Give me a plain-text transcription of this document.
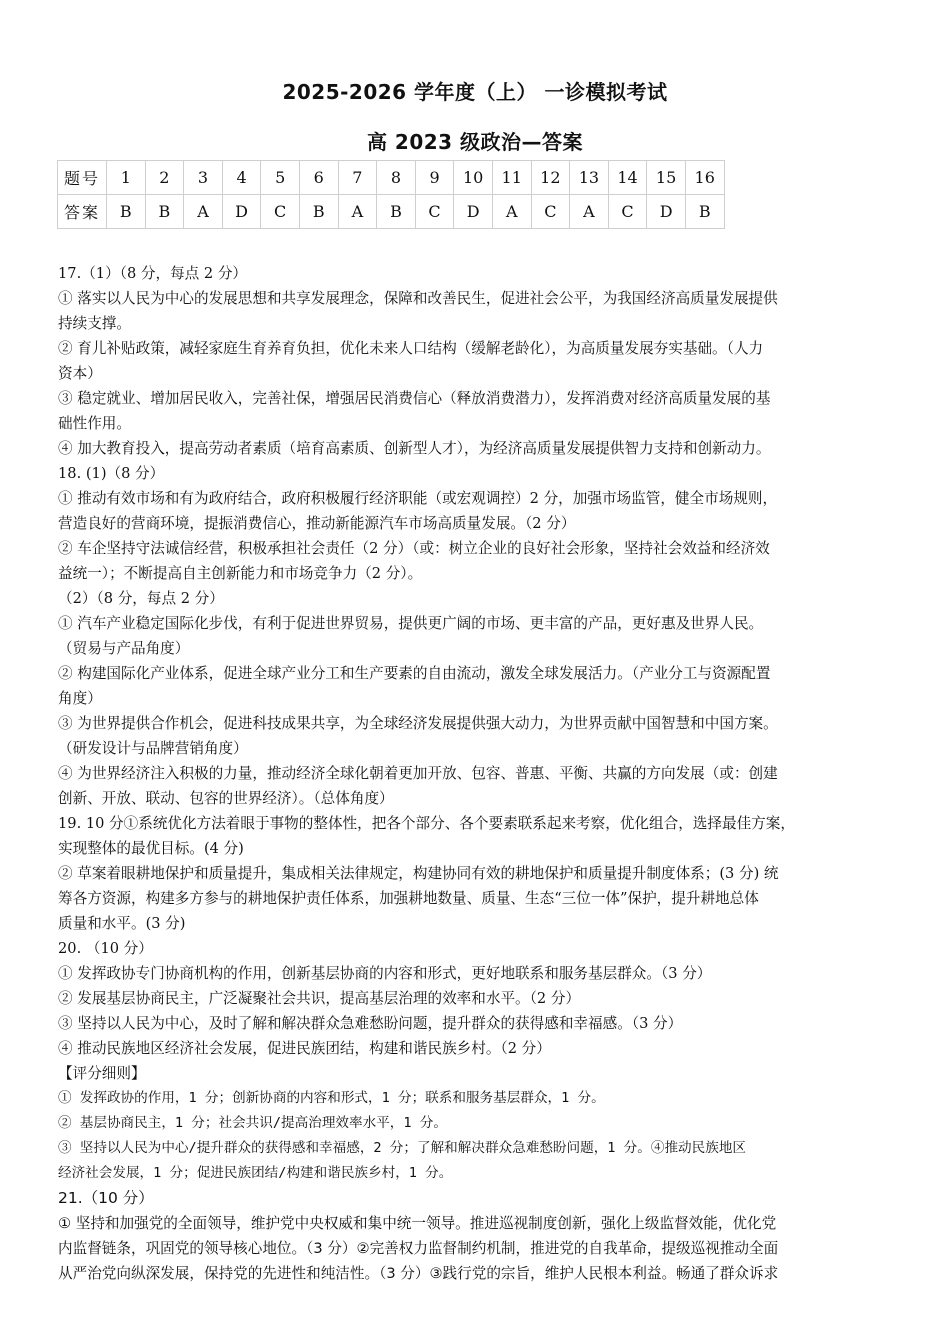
2025-2026 学年度（上） 一诊模拟考试
高 2023 级政治—答案
题号	1	2	3	4	5	6	7	8	9	10	11	12	13	14	15	16
答案	B	B	A	D	C	B	A	B	C	D	A	C	A	C	D	B
17.（1）（8 分，每点 2 分）
① 落实以人民为中心的发展思想和共享发展理念，保障和改善民生，促进社会公平，为我国经济高质量发展提供
持续支撑。
② 育儿补贴政策，减轻家庭生育养育负担，优化未来人口结构（缓解老龄化），为高质量发展夯实基础。（人力
资本）
③ 稳定就业、增加居民收入，完善社保，增强居民消费信心（释放消费潜力），发挥消费对经济高质量发展的基
础性作用。
④ 加大教育投入，提高劳动者素质（培育高素质、创新型人才），为经济高质量发展提供智力支持和创新动力。
18. (1)（8 分）
① 推动有效市场和有为政府结合，政府积极履行经济职能（或宏观调控）2 分，加强市场监管，健全市场规则，
营造良好的营商环境，提振消费信心，推动新能源汽车市场高质量发展。（2 分）
② 车企坚持守法诚信经营，积极承担社会责任（2 分）（或：树立企业的良好社会形象，坚持社会效益和经济效
益统一）；不断提高自主创新能力和市场竞争力（2 分）。
（2）（8 分，每点 2 分）
① 汽车产业稳定国际化步伐，有利于促进世界贸易，提供更广阔的市场、更丰富的产品，更好惠及世界人民。
（贸易与产品角度）
② 构建国际化产业体系，促进全球产业分工和生产要素的自由流动，激发全球发展活力。（产业分工与资源配置
角度）
③ 为世界提供合作机会，促进科技成果共享，为全球经济发展提供强大动力，为世界贡献中国智慧和中国方案。
（研发设计与品牌营销角度）
④ 为世界经济注入积极的力量，推动经济全球化朝着更加开放、包容、普惠、平衡、共赢的方向发展（或：创建
创新、开放、联动、包容的世界经济）。（总体角度）
19. 10 分①系统优化方法着眼于事物的整体性，把各个部分、各个要素联系起来考察，优化组合，选择最佳方案，
实现整体的最优目标。(4 分)
② 草案着眼耕地保护和质量提升，集成相关法律规定，构建协同有效的耕地保护和质量提升制度体系；(3 分) 统
筹各方资源，构建多方参与的耕地保护责任体系，加强耕地数量、质量、生态“三位一体”保护，提升耕地总体
质量和水平。(3 分)
20. （10 分）
① 发挥政协专门协商机构的作用，创新基层协商的内容和形式，更好地联系和服务基层群众。（3 分）
② 发展基层协商民主，广泛凝聚社会共识，提高基层治理的效率和水平。（2 分）
③ 坚持以人民为中心，及时了解和解决群众急难愁盼问题，提升群众的获得感和幸福感。（3 分）
④ 推动民族地区经济社会发展，促进民族团结，构建和谐民族乡村。（2 分）
【评分细则】
① 发挥政协的作用，1 分；创新协商的内容和形式，1 分；联系和服务基层群众，1 分。
② 基层协商民主，1 分；社会共识/提高治理效率水平，1 分。
③ 坚持以人民为中心/提升群众的获得感和幸福感，2 分；了解和解决群众急难愁盼问题，1 分。④推动民族地区
经济社会发展，1 分；促进民族团结/构建和谐民族乡村，1 分。
21.（10 分）
① 坚持和加强党的全面领导，维护党中央权威和集中统一领导。推进巡视制度创新，强化上级监督效能，优化党
内监督链条，巩固党的领导核心地位。（3 分）②完善权力监督制约机制，推进党的自我革命，提级巡视推动全面
从严治党向纵深发展，保持党的先进性和纯洁性。（3 分）③践行党的宗旨，维护人民根本利益。畅通了群众诉求
